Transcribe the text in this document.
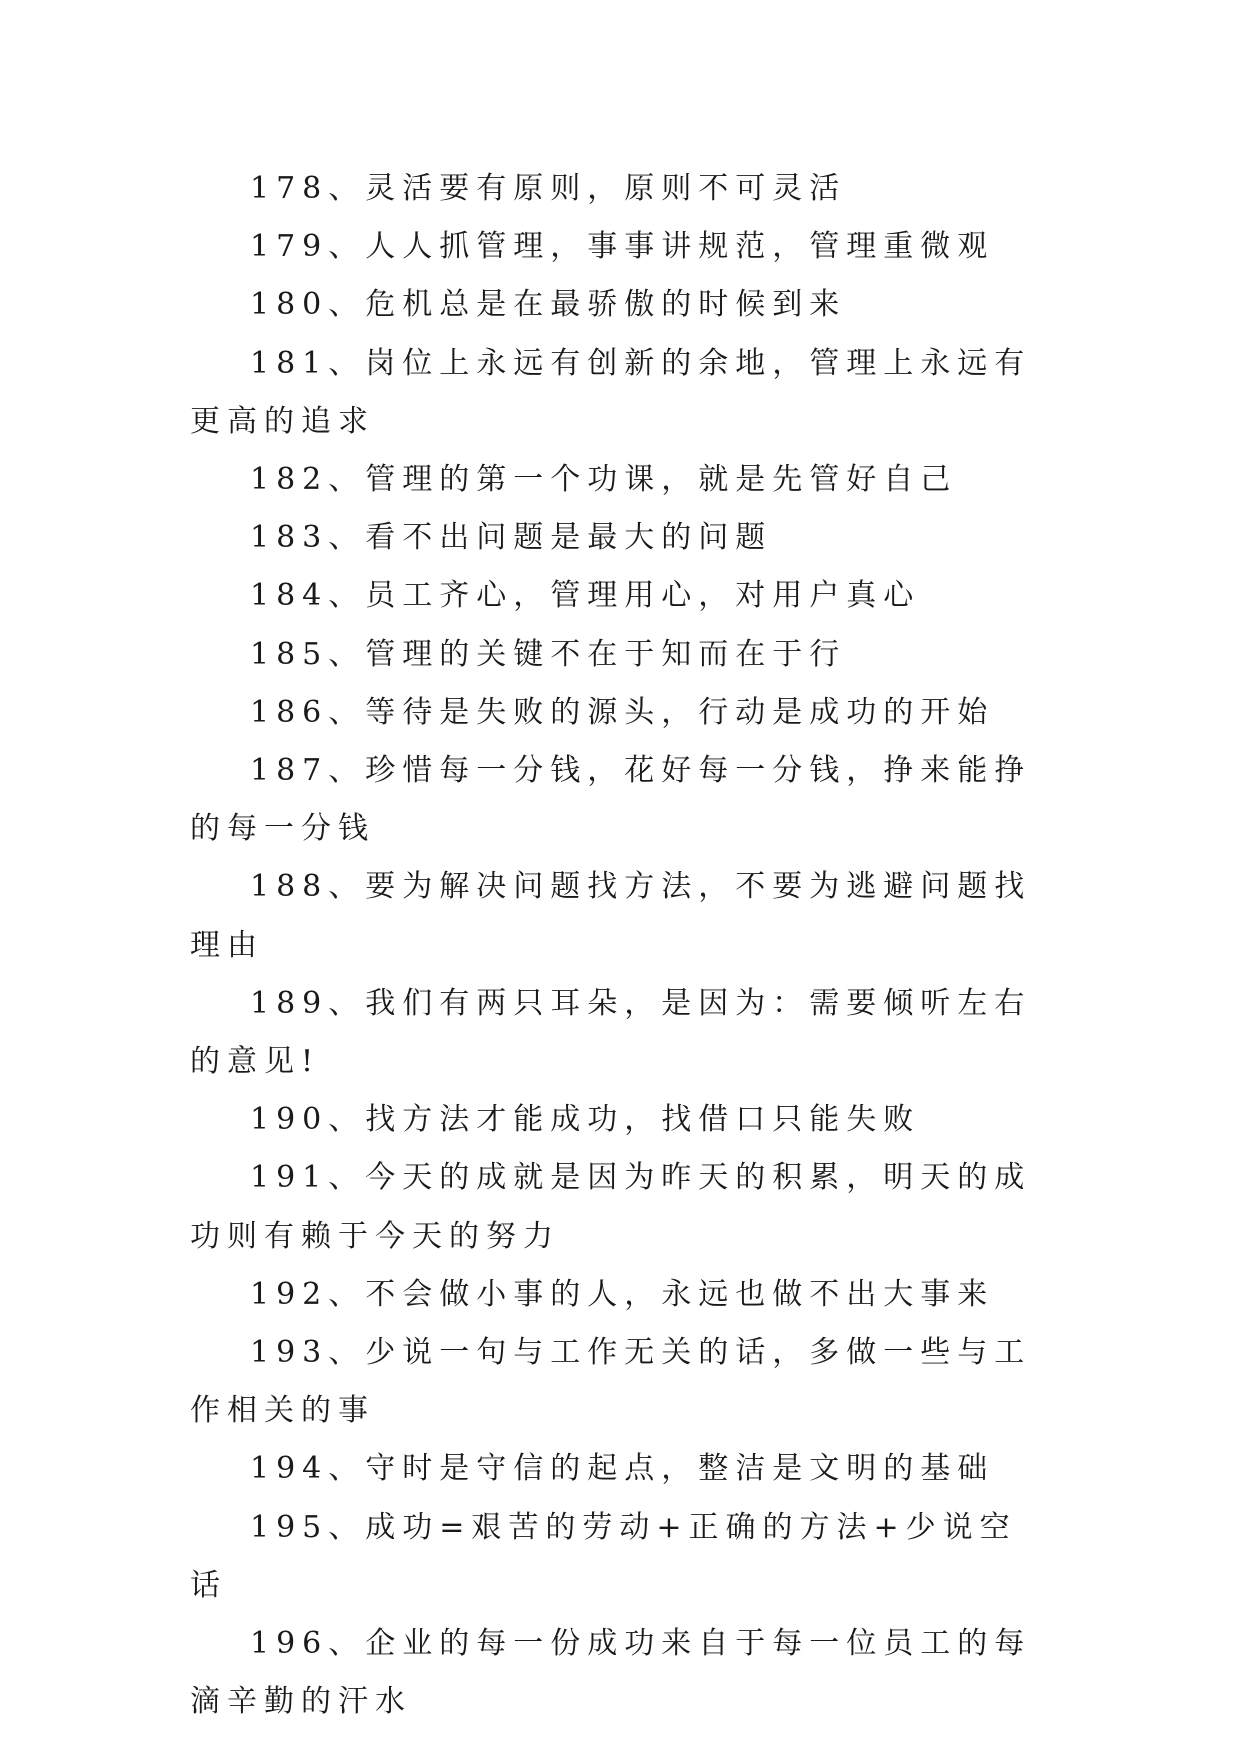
178、灵活要有原则，原则不可灵活

179、人人抓管理，事事讲规范，管理重微观

180、危机总是在最骄傲的时候到来

181、岗位上永远有创新的余地，管理上永远有更高的追求

182、管理的第一个功课，就是先管好自己

183、看不出问题是最大的问题

184、员工齐心，管理用心，对用户真心

185、管理的关键不在于知而在于行

186、等待是失败的源头，行动是成功的开始

187、珍惜每一分钱，花好每一分钱，挣来能挣的每一分钱

188、要为解决问题找方法，不要为逃避问题找理由

189、我们有两只耳朵，是因为：需要倾听左右的意见!

190、找方法才能成功，找借口只能失败

191、今天的成就是因为昨天的积累，明天的成功则有赖于今天的努力

192、不会做小事的人，永远也做不出大事来

193、少说一句与工作无关的话，多做一些与工作相关的事

194、守时是守信的起点，整洁是文明的基础

195、成功=艰苦的劳动+正确的方法+少说空话

196、企业的每一份成功来自于每一位员工的每滴辛勤的汗水
